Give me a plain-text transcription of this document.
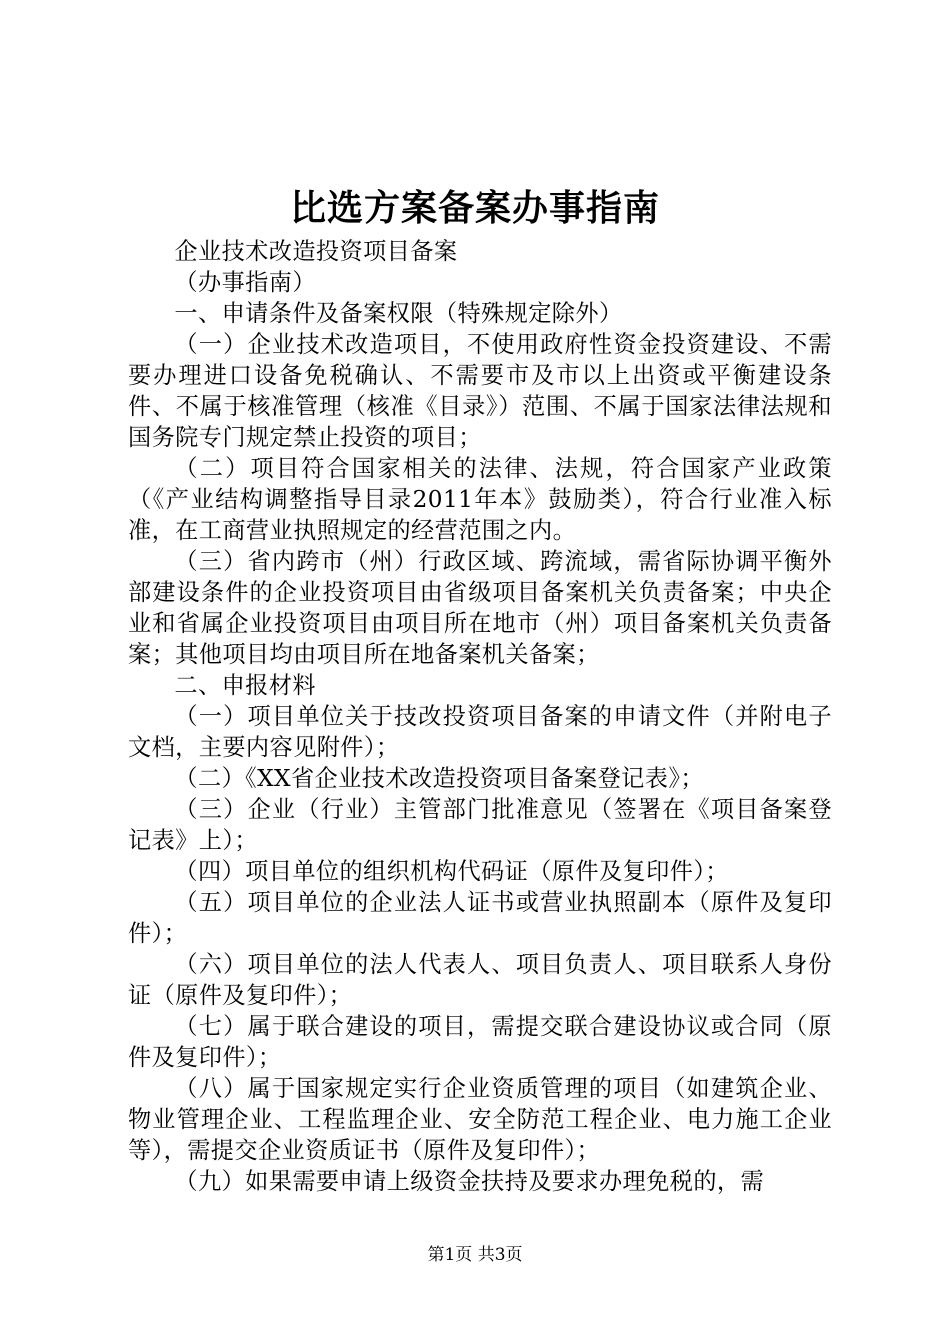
比选方案备案办事指南

企业技术改造投资项目备案

（办事指南）

一、申请条件及备案权限（特殊规定除外）

（一）企业技术改造项目，不使用政府性资金投资建设、不需要办理进口设备免税确认、不需要市及市以上出资或平衡建设条件、不属于核准管理（核准《目录》）范围、不属于国家法律法规和国务院专门规定禁止投资的项目；

（二）项目符合国家相关的法律、法规，符合国家产业政策（《产业结构调整指导目录2011年本》鼓励类），符合行业准入标准，在工商营业执照规定的经营范围之内。

（三）省内跨市（州）行政区域、跨流域，需省际协调平衡外部建设条件的企业投资项目由省级项目备案机关负责备案；中央企业和省属企业投资项目由项目所在地市（州）项目备案机关负责备案；其他项目均由项目所在地备案机关备案；

二、申报材料

（一）项目单位关于技改投资项目备案的申请文件（并附电子文档，主要内容见附件）；

（二）《XX省企业技术改造投资项目备案登记表》；

（三）企业（行业）主管部门批准意见（签署在《项目备案登记表》上）；

（四）项目单位的组织机构代码证（原件及复印件）；

（五）项目单位的企业法人证书或营业执照副本（原件及复印件）；

（六）项目单位的法人代表人、项目负责人、项目联系人身份证（原件及复印件）；

（七）属于联合建设的项目，需提交联合建设协议或合同（原件及复印件）；

（八）属于国家规定实行企业资质管理的项目（如建筑企业、物业管理企业、工程监理企业、安全防范工程企业、电力施工企业等），需提交企业资质证书（原件及复印件）；

（九）如果需要申请上级资金扶持及要求办理免税的，需

第1页 共3页
